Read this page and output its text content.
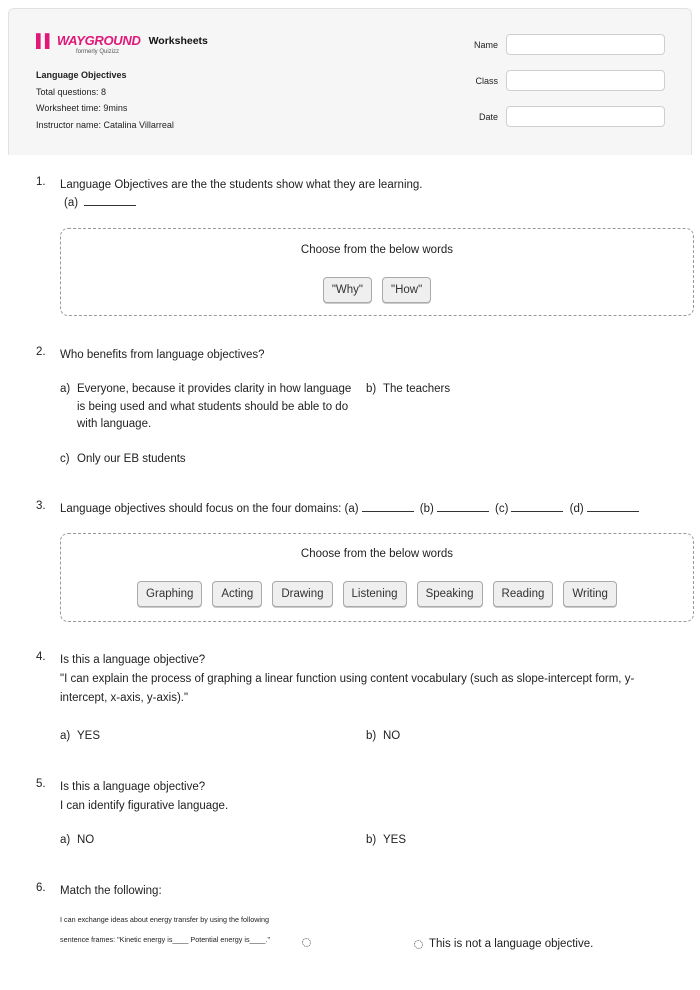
▌▌ WAYGROUND Worksheets
formerly Quizizz
Language Objectives
Total questions: 8
Worksheet time: 9mins
Instructor name: Catalina Villarreal
Name
Class
Date
1.	Language Objectives are the the students show what they are learning.
(a)
Choose from the below words
"Why"	"How"
2.	Who benefits from language objectives?
a) Everyone, because it provides clarity in how language is being used and what students should be able to do with language.
b) The teachers
c) Only our EB students
3.	Language objectives should focus on the four domains: (a)	(b)	(c)	(d)
Choose from the below words
Graphing	Acting	Drawing	Listening	Speaking	Reading	Writing
4.	Is this a language objective?
"I can explain the process of graphing a linear function using content vocabulary (such as slope-intercept form, y-intercept, x-axis, y-axis)."
a) YES	b) NO
5.	Is this a language objective?
I can identify figurative language.
a) NO	b) YES
6.	Match the following:
I can exchange ideas about energy transfer by using the following sentence frames: "Kinetic energy is____ Potential energy is____."	This is not a language objective.
